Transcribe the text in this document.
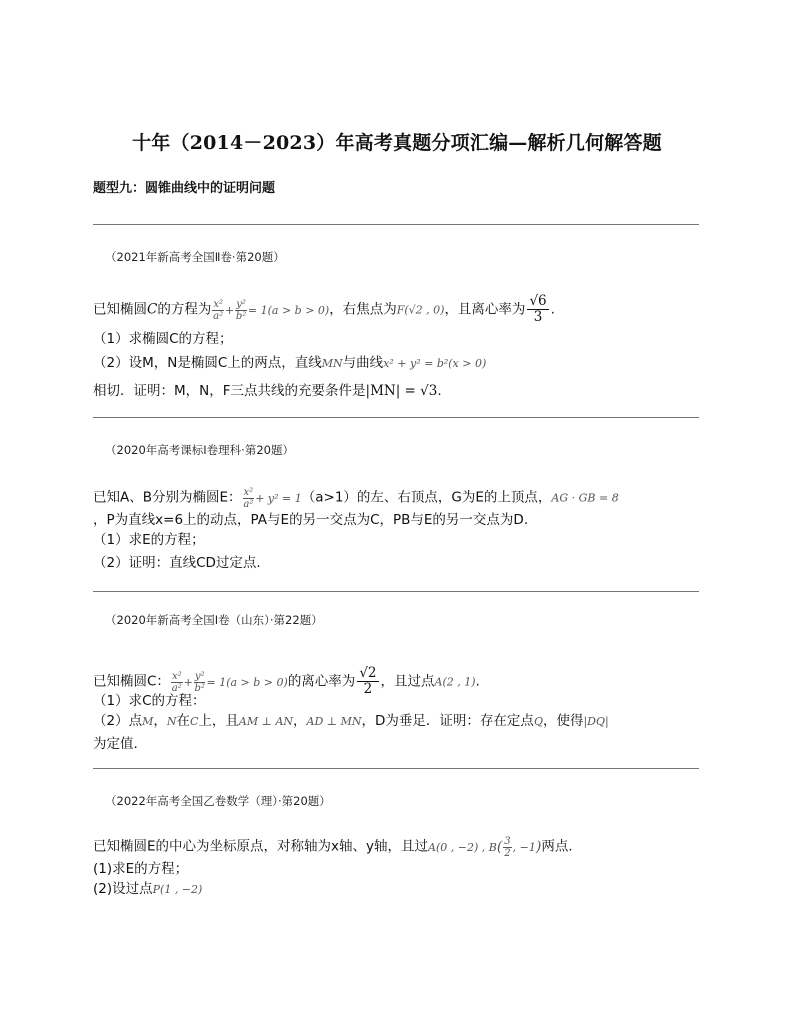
十年（2014－2023）年高考真题分项汇编—解析几何解答题
题型九：圆锥曲线中的证明问题
（2021年新高考全国Ⅱ卷·第20题）
已知椭圆C的方程为 $\frac{\text{x²}}{\text{a²}} + \frac{\text{y²}}{\text{b²}} = 1(a > b > 0)$，右焦点为F(√2 , 0)，且离心率为 $\frac{√6}{3}$ .
（1）求椭圆C的方程；
（2）设M，N是椭圆C上的两点，直线MN与曲线x² + y² = b²(x > 0)
相切．证明：M，N，F三点共线的充要条件是|MN| = √3.
（2020年高考课标Ⅰ卷理科·第20题）
已知A、B分别为椭圆E： $\frac{\text{x²}}{\text{a²}} + y^2 = 1(a>1)$的左、右顶点，G为E的上顶点，AG · GB = 8
，P为直线x=6上的动点，PA与E的另一交点为C，PB与E的另一交点为D.
（1）求E的方程；
（2）证明：直线CD过定点.
（2020年新高考全国Ⅰ卷（山东）·第22题）
已知椭圆C： $\frac{\text{x²}}{\text{a²}} + \frac{\text{y²}}{\text{b²}} = 1(a > b > 0)$的离心率为 $\frac{√2}{2}$ ，且过点A(2 , 1).
（1）求C的方程：
（2）点M，N在C上，且AM ⊥ AN，AD ⊥ MN，D为垂足．证明：存在定点Q，使得|DQ|
为定值.
（2022年高考全国乙卷数学（理）·第20题）
已知椭圆E的中心为坐标原点，对称轴为x轴、y轴，且过A(0 , −2) , $B( \frac{3}{2}$ , −1)两点.
(1)求E的方程；
(2)设过点P(1 , −2)
